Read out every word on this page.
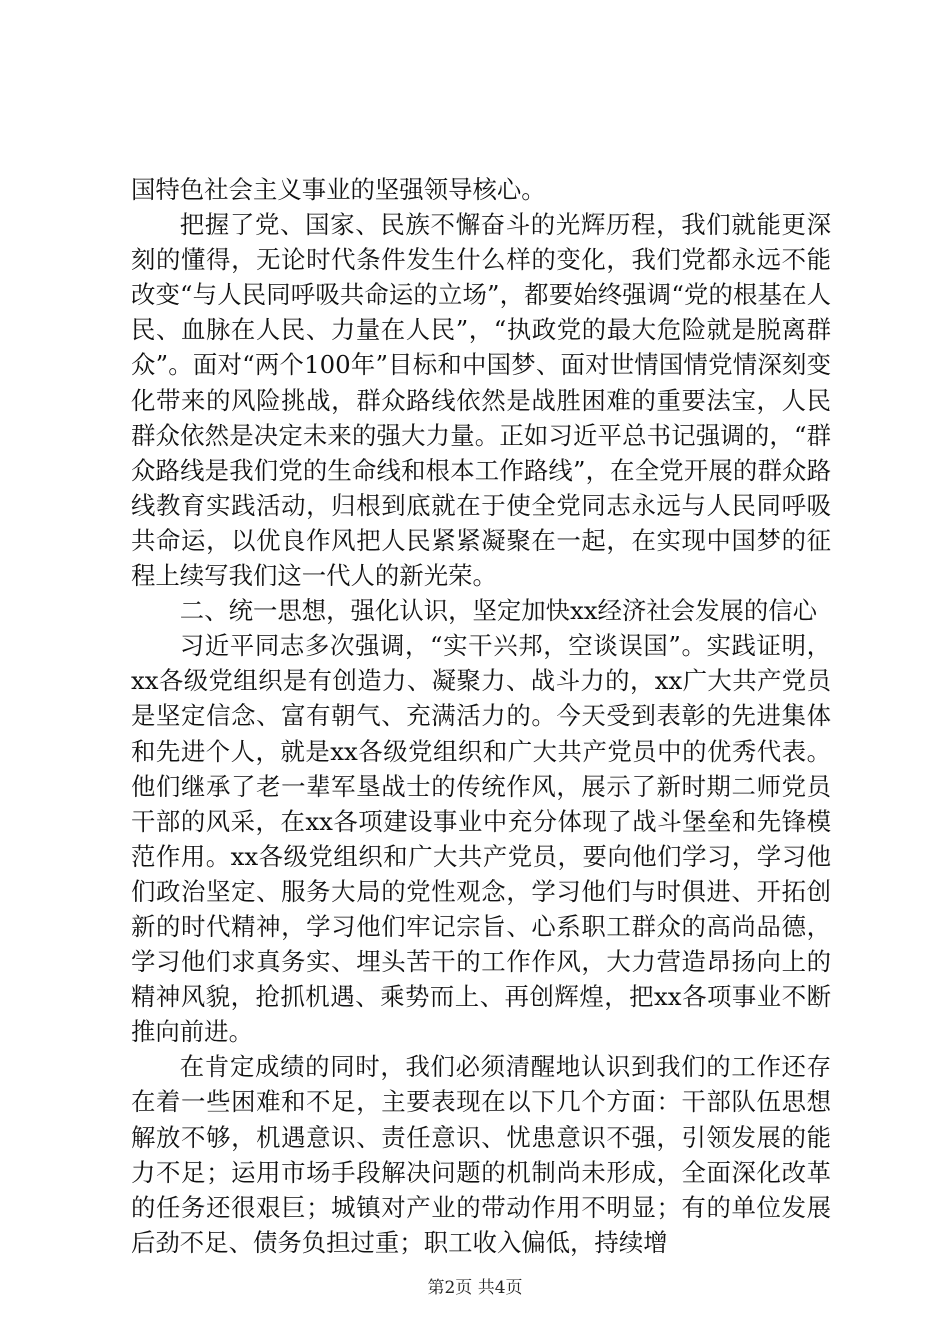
国特色社会主义事业的坚强领导核心。

把握了党、国家、民族不懈奋斗的光辉历程，我们就能更深刻的懂得，无论时代条件发生什么样的变化，我们党都永远不能改变“与人民同呼吸共命运的立场”，都要始终强调“党的根基在人民、血脉在人民、力量在人民”，“执政党的最大危险就是脱离群众”。面对“两个100年”目标和中国梦、面对世情国情党情深刻变化带来的风险挑战，群众路线依然是战胜困难的重要法宝，人民群众依然是决定未来的强大力量。正如习近平总书记强调的，“群众路线是我们党的生命线和根本工作路线”，在全党开展的群众路线教育实践活动，归根到底就在于使全党同志永远与人民同呼吸共命运，以优良作风把人民紧紧凝聚在一起，在实现中国梦的征程上续写我们这一代人的新光荣。

二、统一思想，强化认识，坚定加快xx经济社会发展的信心

习近平同志多次强调，“实干兴邦，空谈误国”。实践证明，xx各级党组织是有创造力、凝聚力、战斗力的，xx广大共产党员是坚定信念、富有朝气、充满活力的。今天受到表彰的先进集体和先进个人，就是xx各级党组织和广大共产党员中的优秀代表。他们继承了老一辈军垦战士的传统作风，展示了新时期二师党员干部的风采，在xx各项建设事业中充分体现了战斗堡垒和先锋模范作用。xx各级党组织和广大共产党员，要向他们学习，学习他们政治坚定、服务大局的党性观念，学习他们与时俱进、开拓创新的时代精神，学习他们牢记宗旨、心系职工群众的高尚品德，学习他们求真务实、埋头苦干的工作作风，大力营造昂扬向上的精神风貌，抢抓机遇、乘势而上、再创辉煌，把xx各项事业不断推向前进。

在肯定成绩的同时，我们必须清醒地认识到我们的工作还存在着一些困难和不足，主要表现在以下几个方面：干部队伍思想解放不够，机遇意识、责任意识、忧患意识不强，引领发展的能力不足；运用市场手段解决问题的机制尚未形成，全面深化改革的任务还很艰巨；城镇对产业的带动作用不明显；有的单位发展后劲不足、债务负担过重；职工收入偏低，持续增

第2页 共4页
